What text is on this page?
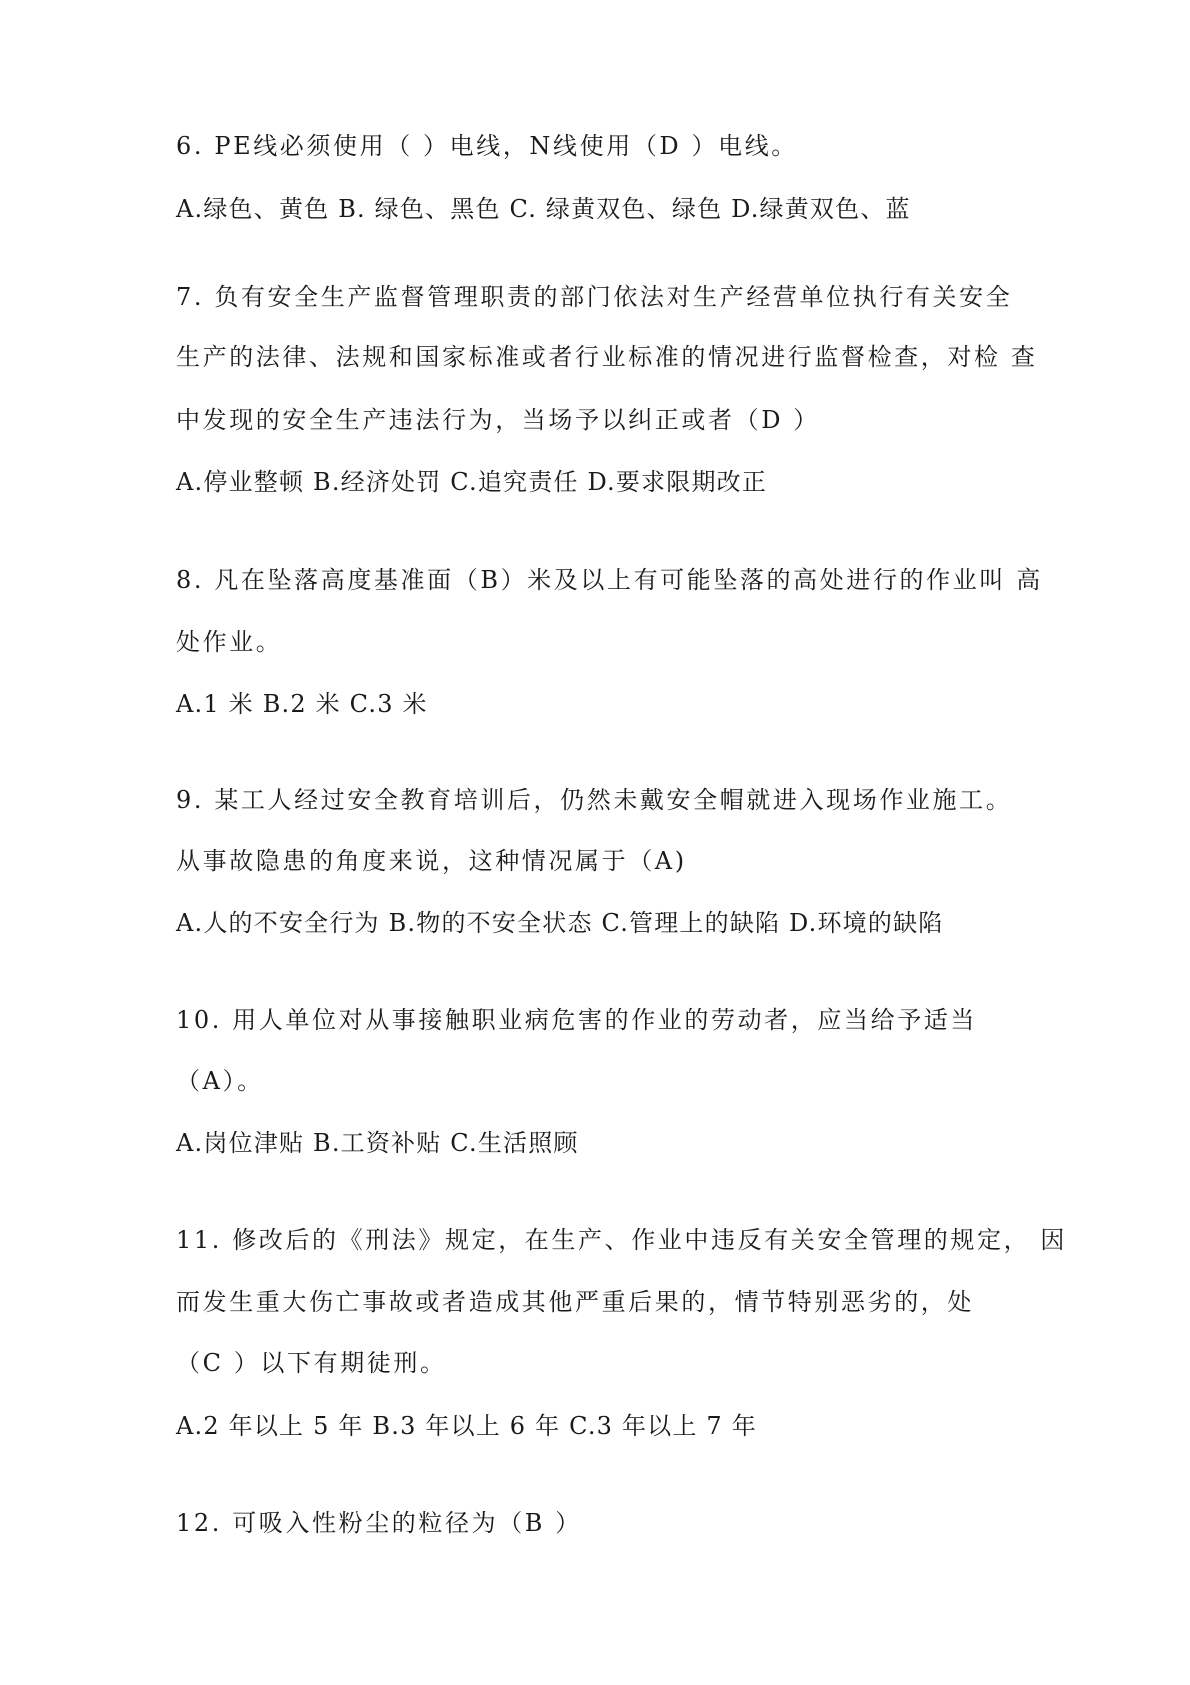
6. PE线必须使用（ ）电线，N线使用（D ）电线。
A.绿色、黄色 B. 绿色、黑色 C. 绿黄双色、绿色 D.绿黄双色、蓝
7. 负有安全生产监督管理职责的部门依法对生产经营单位执行有关安全
生产的法律、法规和国家标准或者行业标准的情况进行监督检查，对检 查
中发现的安全生产违法行为，当场予以纠正或者（D ）
A.停业整顿 B.经济处罚 C.追究责任 D.要求限期改正
8. 凡在坠落高度基准面（B）米及以上有可能坠落的高处进行的作业叫 高
处作业。
A.1 米 B.2 米 C.3 米
9. 某工人经过安全教育培训后，仍然未戴安全帽就进入现场作业施工。
从事故隐患的角度来说，这种情况属于（A)
A.人的不安全行为 B.物的不安全状态 C.管理上的缺陷 D.环境的缺陷
10. 用人单位对从事接触职业病危害的作业的劳动者，应当给予适当
（A）。
A.岗位津贴 B.工资补贴 C.生活照顾
11. 修改后的《刑法》规定，在生产、作业中违反有关安全管理的规定， 因
而发生重大伤亡事故或者造成其他严重后果的，情节特别恶劣的，处
（C ）以下有期徒刑。
A.2 年以上 5 年 B.3 年以上 6 年 C.3 年以上 7 年
12. 可吸入性粉尘的粒径为（B ）
